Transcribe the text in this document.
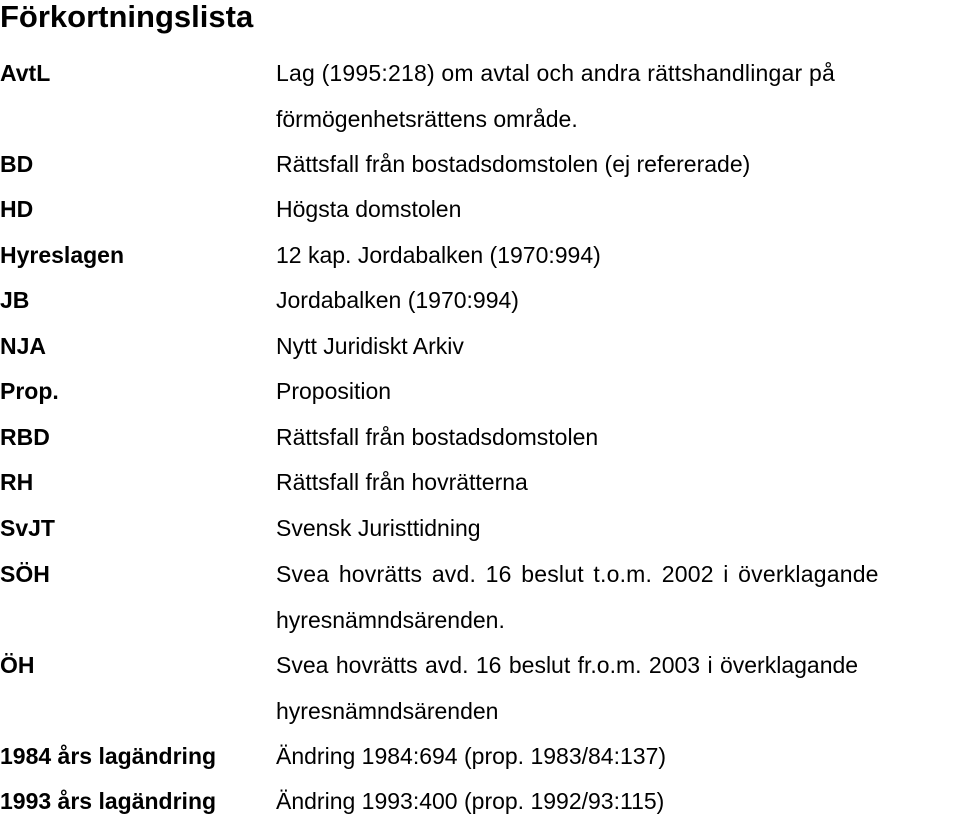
Förkortningslista
AvtL	Lag (1995:218) om avtal och andra rättshandlingar på
förmögenhetsrättens område.
BD	Rättsfall från bostadsdomstolen (ej refererade)
HD	Högsta domstolen
Hyreslagen	12 kap. Jordabalken (1970:994)
JB	Jordabalken (1970:994)
NJA	Nytt Juridiskt Arkiv
Prop.	Proposition
RBD	Rättsfall från bostadsdomstolen
RH	Rättsfall från hovrätterna
SvJT	Svensk Juristtidning
SÖH	Svea hovrätts avd. 16 beslut t.o.m. 2002 i överklagande
hyresnämndsärenden.
ÖH	Svea hovrätts avd. 16 beslut fr.o.m. 2003 i överklagande
hyresnämndsärenden
1984 års lagändring	Ändring 1984:694 (prop. 1983/84:137)
1993 års lagändring	Ändring 1993:400 (prop. 1992/93:115)
